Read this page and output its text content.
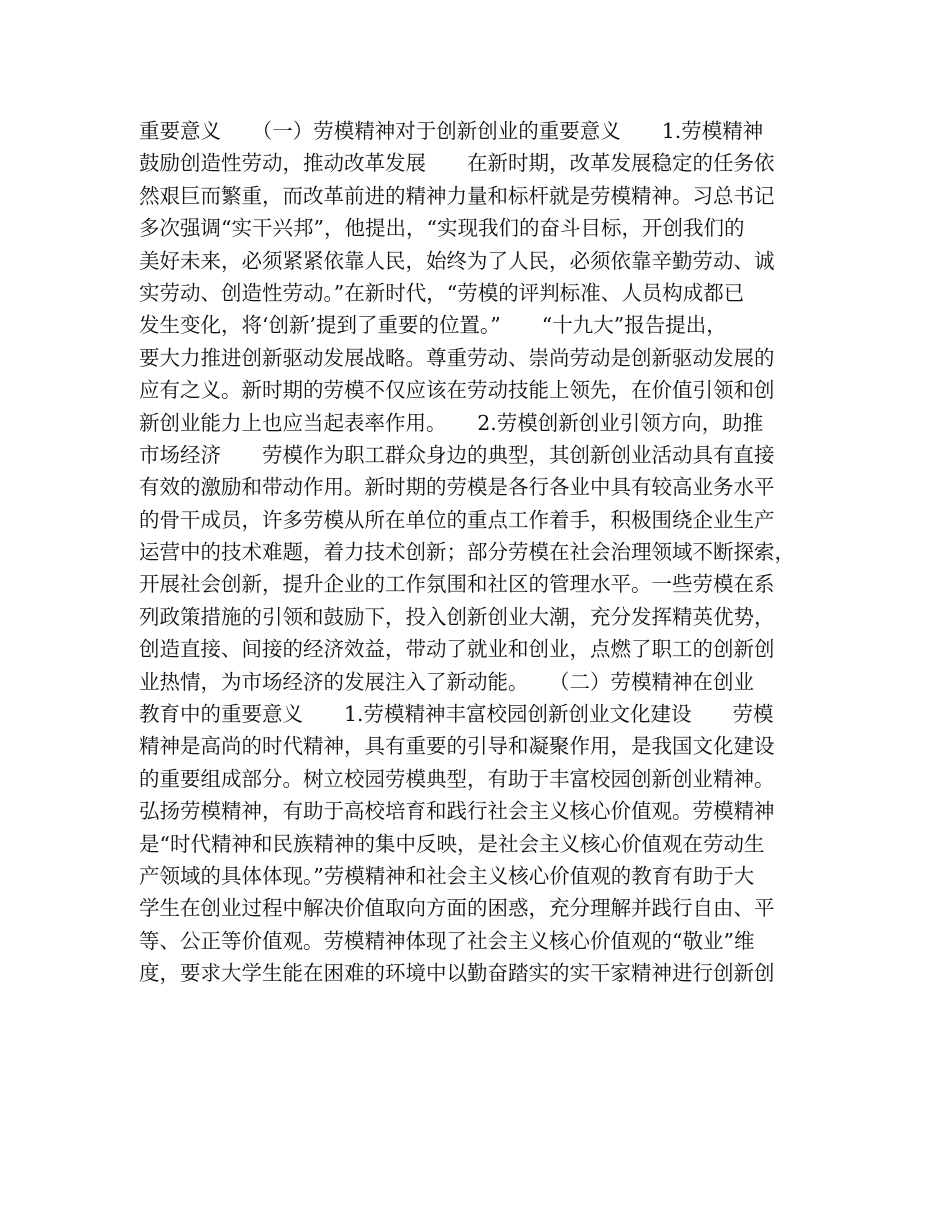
重要意义　　（一）劳模精神对于创新创业的重要意义　　1.劳模精神
鼓励创造性劳动，推动改革发展　　在新时期，改革发展稳定的任务依
然艰巨而繁重，而改革前进的精神力量和标杆就是劳模精神。习总书记
多次强调“实干兴邦”，他提出，“实现我们的奋斗目标，开创我们的
美好未来，必须紧紧依靠人民，始终为了人民，必须依靠辛勤劳动、诚
实劳动、创造性劳动。”在新时代，“劳模的评判标准、人员构成都已
发生变化，将‘创新’提到了重要的位置。”　　“十九大”报告提出，
要大力推进创新驱动发展战略。尊重劳动、崇尚劳动是创新驱动发展的
应有之义。新时期的劳模不仅应该在劳动技能上领先，在价值引领和创
新创业能力上也应当起表率作用。　　2.劳模创新创业引领方向，助推
市场经济　　劳模作为职工群众身边的典型，其创新创业活动具有直接
有效的激励和带动作用。新时期的劳模是各行各业中具有较高业务水平
的骨干成员，许多劳模从所在单位的重点工作着手，积极围绕企业生产
运营中的技术难题，着力技术创新；部分劳模在社会治理领域不断探索，
开展社会创新，提升企业的工作氛围和社区的管理水平。一些劳模在系
列政策措施的引领和鼓励下，投入创新创业大潮，充分发挥精英优势，
创造直接、间接的经济效益，带动了就业和创业，点燃了职工的创新创
业热情，为市场经济的发展注入了新动能。　　（二）劳模精神在创业
教育中的重要意义　　1.劳模精神丰富校园创新创业文化建设　　劳模
精神是高尚的时代精神，具有重要的引导和凝聚作用，是我国文化建设
的重要组成部分。树立校园劳模典型，有助于丰富校园创新创业精神。
弘扬劳模精神，有助于高校培育和践行社会主义核心价值观。劳模精神
是“时代精神和民族精神的集中反映，是社会主义核心价值观在劳动生
产领域的具体体现。”劳模精神和社会主义核心价值观的教育有助于大
学生在创业过程中解决价值取向方面的困惑，充分理解并践行自由、平
等、公正等价值观。劳模精神体现了社会主义核心价值观的“敬业”维
度，要求大学生能在困难的环境中以勤奋踏实的实干家精神进行创新创
